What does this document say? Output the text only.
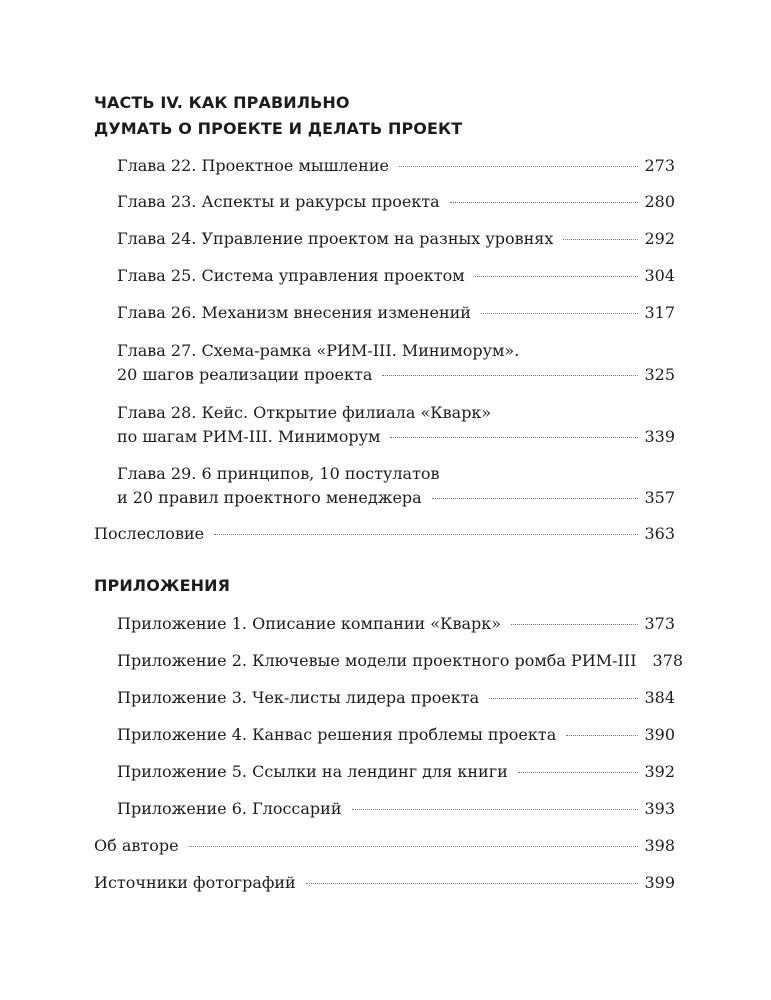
ЧАСТЬ IV. КАК ПРАВИЛЬНО
ДУМАТЬ О ПРОЕКТЕ И ДЕЛАТЬ ПРОЕКТ
Глава 22. Проектное мышление	273
Глава 23. Аспекты и ракурсы проекта	280
Глава 24. Управление проектом на разных уровнях	292
Глава 25. Система управления проектом	304
Глава 26. Механизм внесения изменений	317
Глава 27. Схема-рамка «РИМ-III. Миниморум».
20 шагов реализации проекта	325
Глава 28. Кейс. Открытие филиала «Кварк»
по шагам РИМ-III. Миниморум	339
Глава 29. 6 принципов, 10 постулатов
и 20 правил проектного менеджера	357
Послесловие	363
ПРИЛОЖЕНИЯ
Приложение 1. Описание компании «Кварк»	373
Приложение 2. Ключевые модели проектного ромба РИМ-III 378
Приложение 3. Чек-листы лидера проекта	384
Приложение 4. Канвас решения проблемы проекта	390
Приложение 5. Ссылки на лендинг для книги	392
Приложение 6. Глоссарий	393
Об авторе	398
Источники фотографий	399
